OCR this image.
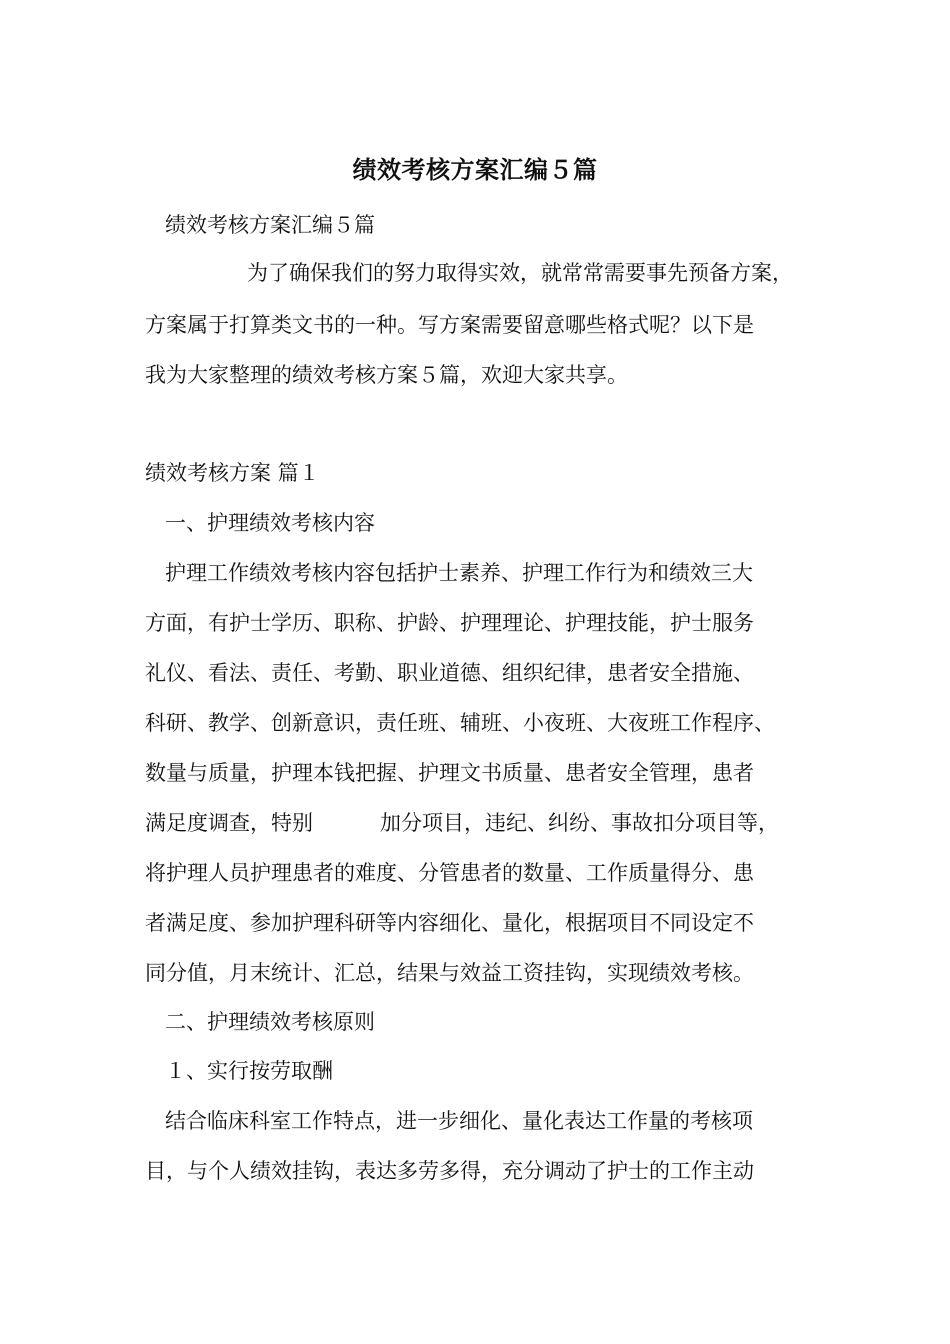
绩效考核方案汇编５篇
绩效考核方案汇编５篇
为了确保我们的努力取得实效，就常常需要事先预备方案，
方案属于打算类文书的一种。写方案需要留意哪些格式呢？以下是
我为大家整理的绩效考核方案５篇，欢迎大家共享。
绩效考核方案 篇１
一、护理绩效考核内容
护理工作绩效考核内容包括护士素养、护理工作行为和绩效三大
方面，有护士学历、职称、护龄、护理理论、护理技能，护士服务
礼仪、看法、责任、考勤、职业道德、组织纪律，患者安全措施、
科研、教学、创新意识，责任班、辅班、小夜班、大夜班工作程序、
数量与质量，护理本钱把握、护理文书质量、患者安全管理，患者
满足度调查，特别	加分项目，违纪、纠纷、事故扣分项目等，
将护理人员护理患者的难度、分管患者的数量、工作质量得分、患
者满足度、参加护理科研等内容细化、量化，根据项目不同设定不
同分值，月末统计、汇总，结果与效益工资挂钩，实现绩效考核。
二、护理绩效考核原则
１、实行按劳取酬
结合临床科室工作特点，进一步细化、量化表达工作量的考核项
目，与个人绩效挂钩，表达多劳多得，充分调动了护士的工作主动
